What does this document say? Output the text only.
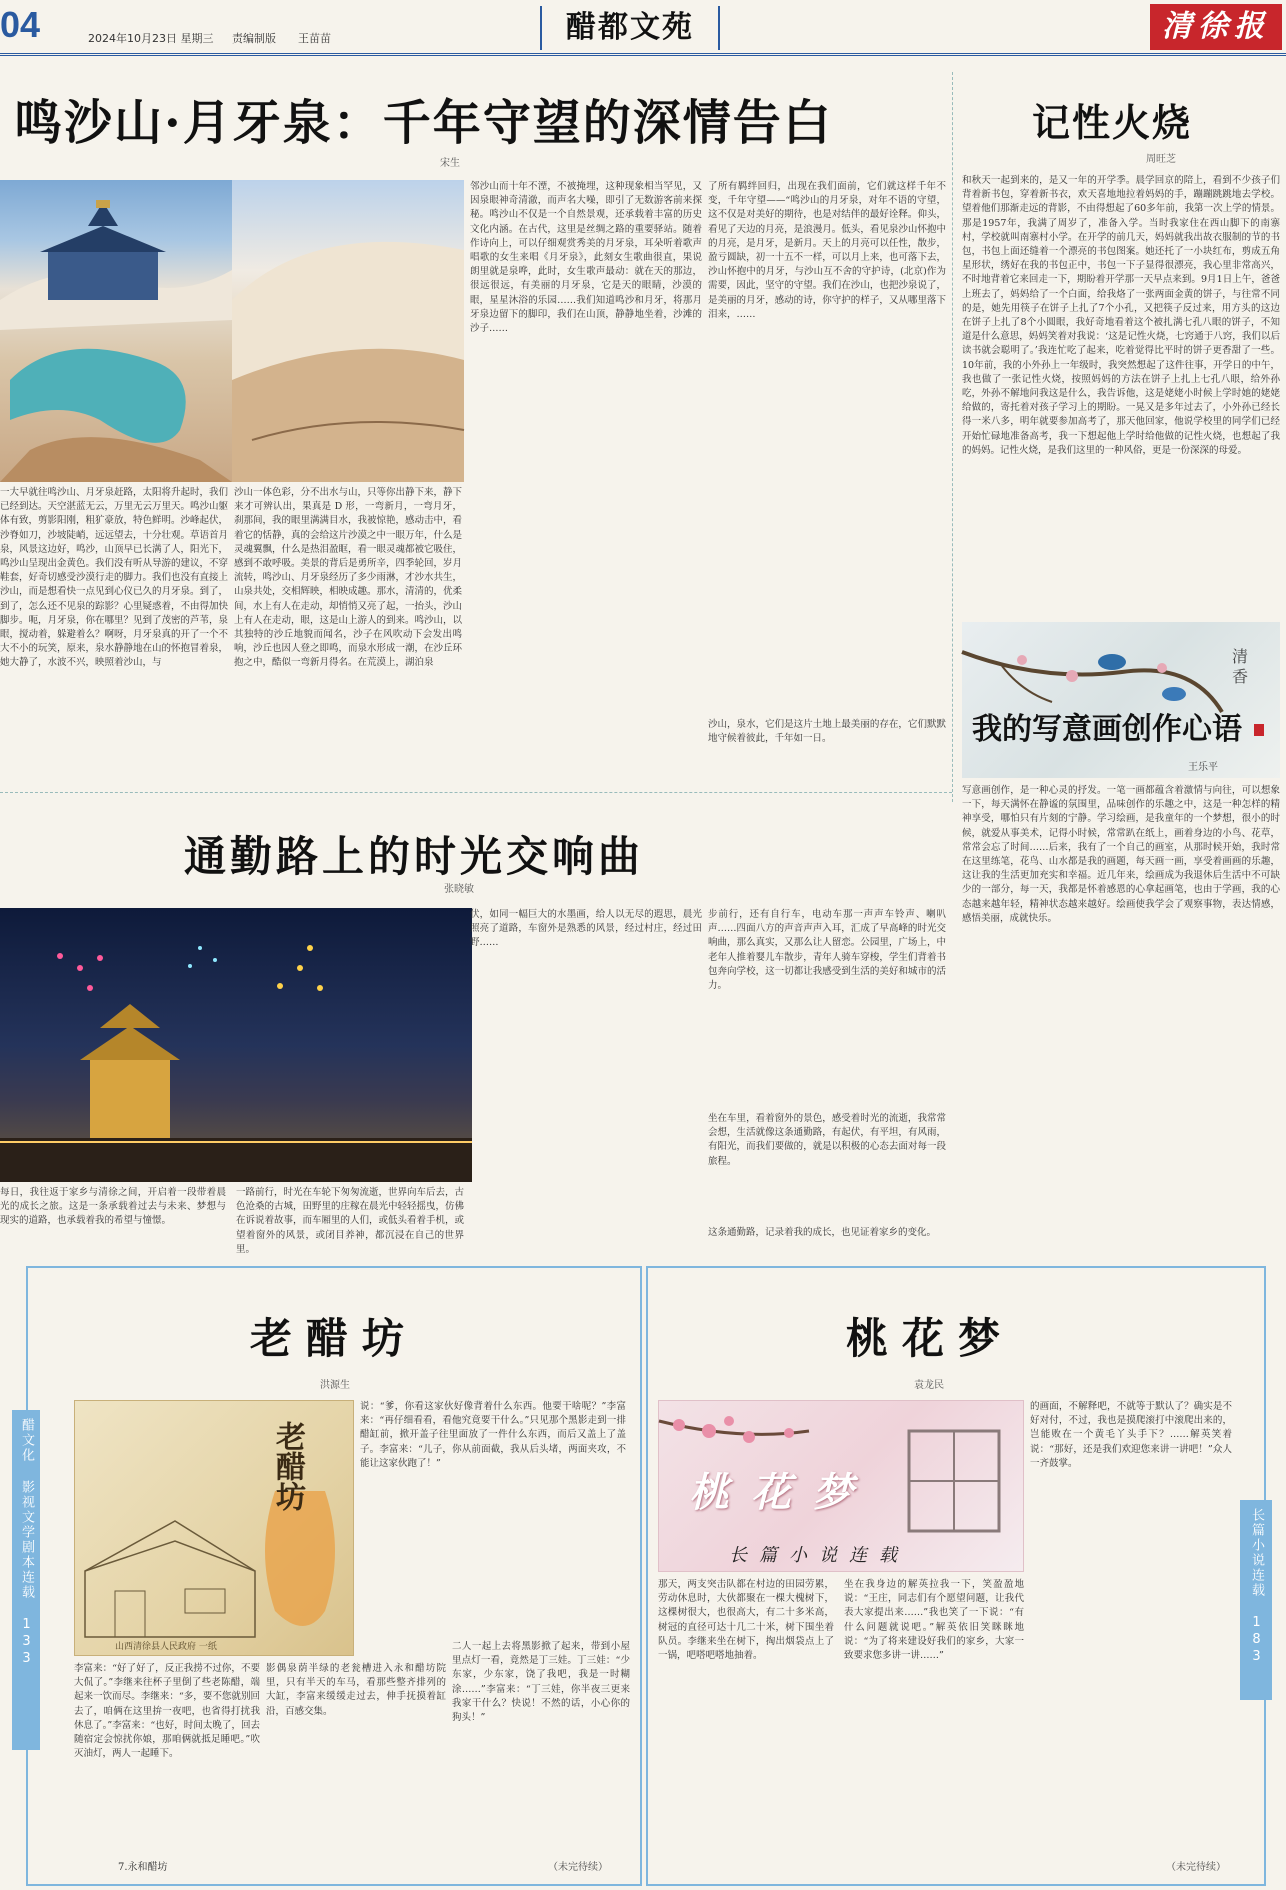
04	2024年10月23日 星期三 责编制版 王苗苗	醋都文苑	清徐报
鸣沙山·月牙泉：千年守望的深情告白
宋生
一大早就往鸣沙山、月牙泉赶路，太阳将升起时，我们已经到达。天空湛蓝无云，万里无云万里天。鸣沙山躯体有致，剪影阳刚，粗犷豪放，特色鲜明。沙峰起伏，沙脊如刀，沙坡陡峭，远远望去，十分壮观。草语首月泉，风景这边好，鸣沙，山顶早已长满了人，阳光下，鸣沙山呈现出金黄色。我们没有听从导游的建议，不穿鞋套，好奇切感受沙漠行走的脚力。我们也没有直接上沙山，而是想看快一点见到心仪已久的月牙泉。到了，到了，怎么还不见泉的踪影？心里疑惑着，不由得加快脚步。呃，月牙泉，你在哪里？见到了茂密的芦苇，泉眼，搅动着，躲避着么？啊呀，月牙泉真的开了一个不大不小的玩笑，原来，泉水静静地在山的怀抱冒着泉，她大静了，水波不兴，映照着沙山，与
沙山一体色彩，分不出水与山，只等你出静下来，静下来才可辨认出，果真是 D 形，一弯新月，一弯月牙，刹那间，我的眼里满满目水，我被惊艳，感动击中，看着它的恬静，真的会给这片沙漠之中一眼万年，什么是灵魂翼飘，什么是热泪盈眶，看一眼灵魂都被它吸住，感到不敢呼吸。美景的背后是勇所辛，四季轮回，岁月流转，鸣沙山、月牙泉经历了多少雨淋，才沙水共生，山泉共处，交相辉映，相映成趣。那水，清清的，优柔间，水上有人在走动，却悄悄又亮了起，一抬头，沙山上有人在走动，眼，这是山上游人的到来。鸣沙山，以其独特的沙丘地貌而闻名，沙子在风吹动下会发出鸣响，沙丘也因人登之即鸣，而泉水形成一潮，在沙丘环抱之中，酷似一弯新月得名。在荒漠上，湖泊泉
邻沙山而十年不湮，不被掩埋，这种现象相当罕见，又因泉眼神奇清澈，而声名大噪，即引了无数游客前来探秘。鸣沙山不仅是一个自然景观，还承载着丰富的历史文化内涵。在古代，这里是丝绸之路的重要驿站。随着作诗向上，可以仔细观赏秀美的月牙泉，耳朵听着歌声唱歌的女生来唱《月牙泉》，此刻女生歌曲很直，果说朗里就是泉哗，此时，女生歌声最动：就在天的那边，很远很远，有美丽的月牙泉，它是天的眼睛，沙漠的眼，星星沐浴的乐园……我们知道鸣沙和月牙，将那月牙泉边留下的脚印，我们在山顶，静静地坐着，沙滩的沙子……
了所有羁绊回归，出现在我们面前，它们就这样千年不变，千年守望——“鸣沙山的月牙泉，对年不语的守望，这不仅是对美好的期待，也是对结伴的最好诠释。仰头，看见了天边的月亮，是浪漫月。低头，看见泉沙山怀抱中的月亮，是月牙，是新月。天上的月亮可以任性，散步，盈亏圆缺，初一十五不一样，可以月上来，也可落下去，沙山怀抱中的月牙，与沙山互不舍的守护诗，(北京)作为需要，因此，坚守的守望。我们在沙山，也把沙泉说了，是美丽的月牙，感动的诗，你守护的样子，又从哪里落下泪来，……
沙山，泉水，它们是这片土地上最美丽的存在，它们默默地守候着彼此，千年如一日。
记性火烧
周旺芝
和秋天一起到来的，是又一年的开学季。晨学回京的陪上，看到不少孩子们背着新书包，穿着新书衣，欢天喜地地拉着妈妈的手，蹦蹦跳跳地去学校。望着他们那渐走远的背影，不由得想起了60多年前，我第一次上学的情景。那是1957年，我满了周岁了，准备入学。当时我家住在西山脚下的南寨村，学校就叫南寨村小学。在开学的前几天，妈妈就我出故衣服制的节的书包，书包上面还缝着一个漂亮的书包图案。她还托了一小块红布，剪成五角星形状，绣好在我的书包正中，书包一下子显得很漂亮，我心里非常高兴，不时地背着它来回走一下，期盼着开学那一天早点来到。9月1日上午，爸爸上班去了，妈妈给了一个白面，给我烙了一张两面金黄的饼子，与往常不同的是，她先用筷子在饼子上扎了7个小孔，又把筷子反过来，用方头的这边在饼子上扎了8个小圆眼，我好奇地看着这个被扎满七孔八眼的饼子，不知道是什么意思，妈妈笑着对我说：‘这是记性火烧，七窍通于八窍，我们以后读书就会聪明了。’我连忙吃了起来，吃着觉得比平时的饼子更香甜了一些。10年前，我的小外孙上一年级时，我突然想起了这件往事，开学日的中午，我也做了一张记性火烧，按照妈妈的方法在饼子上扎上七孔八眼，给外孙吃，外孙不解地问我这是什么，我告诉他，这是姥姥小时候上学时她的姥姥给做的，寄托着对孩子学习上的期盼。一晃又是多年过去了，小外孙已经长得一米八多，明年就要参加高考了，那天他回家，他说学校里的同学们已经开始忙碌地准备高考，我一下想起他上学时给他做的记性火烧，也想起了我的妈妈。记性火烧，是我们这里的一种风俗，更是一份深深的母爱。
清
香
我的写意画创作心语
王乐平
写意画创作，是一种心灵的抒发。一笔一画都蕴含着激情与向往，可以想象一下，每天满怀在静谧的氛围里，品味创作的乐趣之中，这是一种怎样的精神享受，哪怕只有片刻的宁静。学习绘画，是我童年的一个梦想，很小的时候，就爱从事美术，记得小时候，常常趴在纸上，画着身边的小鸟、花草，常常会忘了时间……后来，我有了一个自己的画室，从那时候开始，我时常在这里练笔，花鸟、山水都是我的画题，每天画一画，享受着画画的乐趣，这让我的生活更加充实和幸福。近几年来，绘画成为我退休后生活中不可缺少的一部分，每一天，我都是怀着感恩的心拿起画笔，也由于学画，我的心态越来越年轻，精神状态越来越好。绘画使我学会了观察事物，表达情感，感悟美丽，成就快乐。
通勤路上的时光交响曲
张晓敏
每日，我往返于家乡与清徐之间，开启着一段带着晨光的成长之旅。这是一条承载着过去与未来、梦想与现实的道路，也承载着我的希望与憧憬。
一路前行，时光在车轮下匆匆流逝，世界向车后去，古色沧桑的古城，田野里的庄稼在晨光中轻轻摇曳，仿佛在诉说着故事，而车厢里的人们，或低头看着手机，或望着窗外的风景，或闭目养神，都沉浸在自己的世界里。
伏，如同一幅巨大的水墨画，给人以无尽的遐思，晨光照亮了道路，车窗外是熟悉的风景，经过村庄，经过田野……
步前行，还有自行车，电动车那一声声车铃声、喇叭声……四面八方的声音声声入耳，汇成了早高峰的时光交响曲，那么真实，又那么让人留恋。公园里，广场上，中老年人推着婴儿车散步，青年人骑车穿梭，学生们背着书包奔向学校，这一切都让我感受到生活的美好和城市的活力。
坐在车里，看着窗外的景色，感受着时光的流逝，我常常会想，生活就像这条通勤路，有起伏，有平坦，有风雨，有阳光，而我们要做的，就是以积极的心态去面对每一段旅程。
这条通勤路，记录着我的成长，也见证着家乡的变化。
醋文化 影视文学剧本连载 133	长篇小说连载 183
老醋坊
洪源生
老醋坊
山西清徐县人民政府 一纸
说：“爹，你看这家伙好像背着什么东西。他要干啥呢？”李富来：“再仔细看看，看他究竟要干什么。”只见那个黑影走到一排醋缸前，掀开盖子往里面放了一件什么东西，而后又盖上了盖子。李富来：“儿子，你从前面截，我从后头堵，两面夹攻，不能让这家伙跑了！”
李富来：“好了好了，反正我捞不过你，不要大侃了。”李继来往杯子里倒了些老陈醋，端起来一饮而尽。李继来：“多，要不您就别回去了，咱俩在这里拚一夜吧，也省得打扰我休息了。”李富来：“也好，时间太晚了，回去随宿定会惊扰你娘，那咱俩就抵足睡吧。”吹灭油灯，两人一起睡下。
7.永和醋坊
影偶泉荫半绿的老瓮槽进入永和醋坊院里，只有半天的车马，看那些整齐排列的大缸，李富来缓缓走过去，伸手抚摸着缸沿，百感交集。
二人一起上去将黑影掀了起来，带到小屋里点灯一看，竟然是丁三娃。丁三娃：“少东家，少东家，饶了我吧，我是一时糊涂……”李富来：“丁三娃，你半夜三更来我家干什么？快说！不然的话，小心你的狗头！”
（未完待续）
桃花梦
袁龙民
桃花梦
长篇小说连载
的画面，不解释吧，不就等于默认了？确实是不好对付，不过，我也是摸爬滚打中滚爬出来的，岂能败在一个黄毛丫头手下？……解英笑着说：“那好，还是我们欢迎您来讲一讲吧！”众人一齐鼓掌。
那天，两支突击队都在村边的田园劳累，劳动休息时，大伙都聚在一棵大槐树下，这棵树很大，也很高大，有二十多米高，树冠的直径可达十几二十米，树下围坐着队员。李继来坐在树下，掏出烟袋点上了一锅，吧嗒吧嗒地抽着。
坐在我身边的解英拉我一下，笑盈盈地说：“王庄，同志们有个愿望问题，让我代表大家提出来……”我也笑了一下说：“有什么问题就说吧。”解英依旧笑眯眯地说：“为了将来建设好我们的家乡，大家一致要求您多讲一讲……”
（未完待续）
